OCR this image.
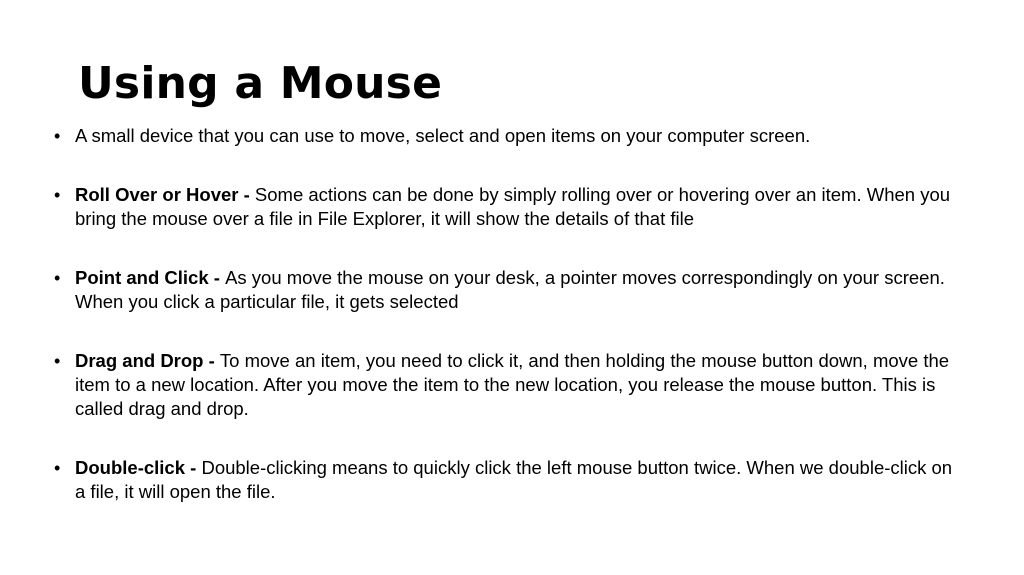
Using a Mouse
• A small device that you can use to move, select and open items on your computer screen.
• Roll Over or Hover - Some actions can be done by simply rolling over or hovering over an item. When you bring the mouse over a file in File Explorer, it will show the details of that file
• Point and Click - As you move the mouse on your desk, a pointer moves correspondingly on your screen. When you click a particular file, it gets selected
• Drag and Drop - To move an item, you need to click it, and then holding the mouse button down, move the item to a new location. After you move the item to the new location, you release the mouse button. This is called drag and drop.
• Double-click - Double-clicking means to quickly click the left mouse button twice. When we double-click on a file, it will open the file.
